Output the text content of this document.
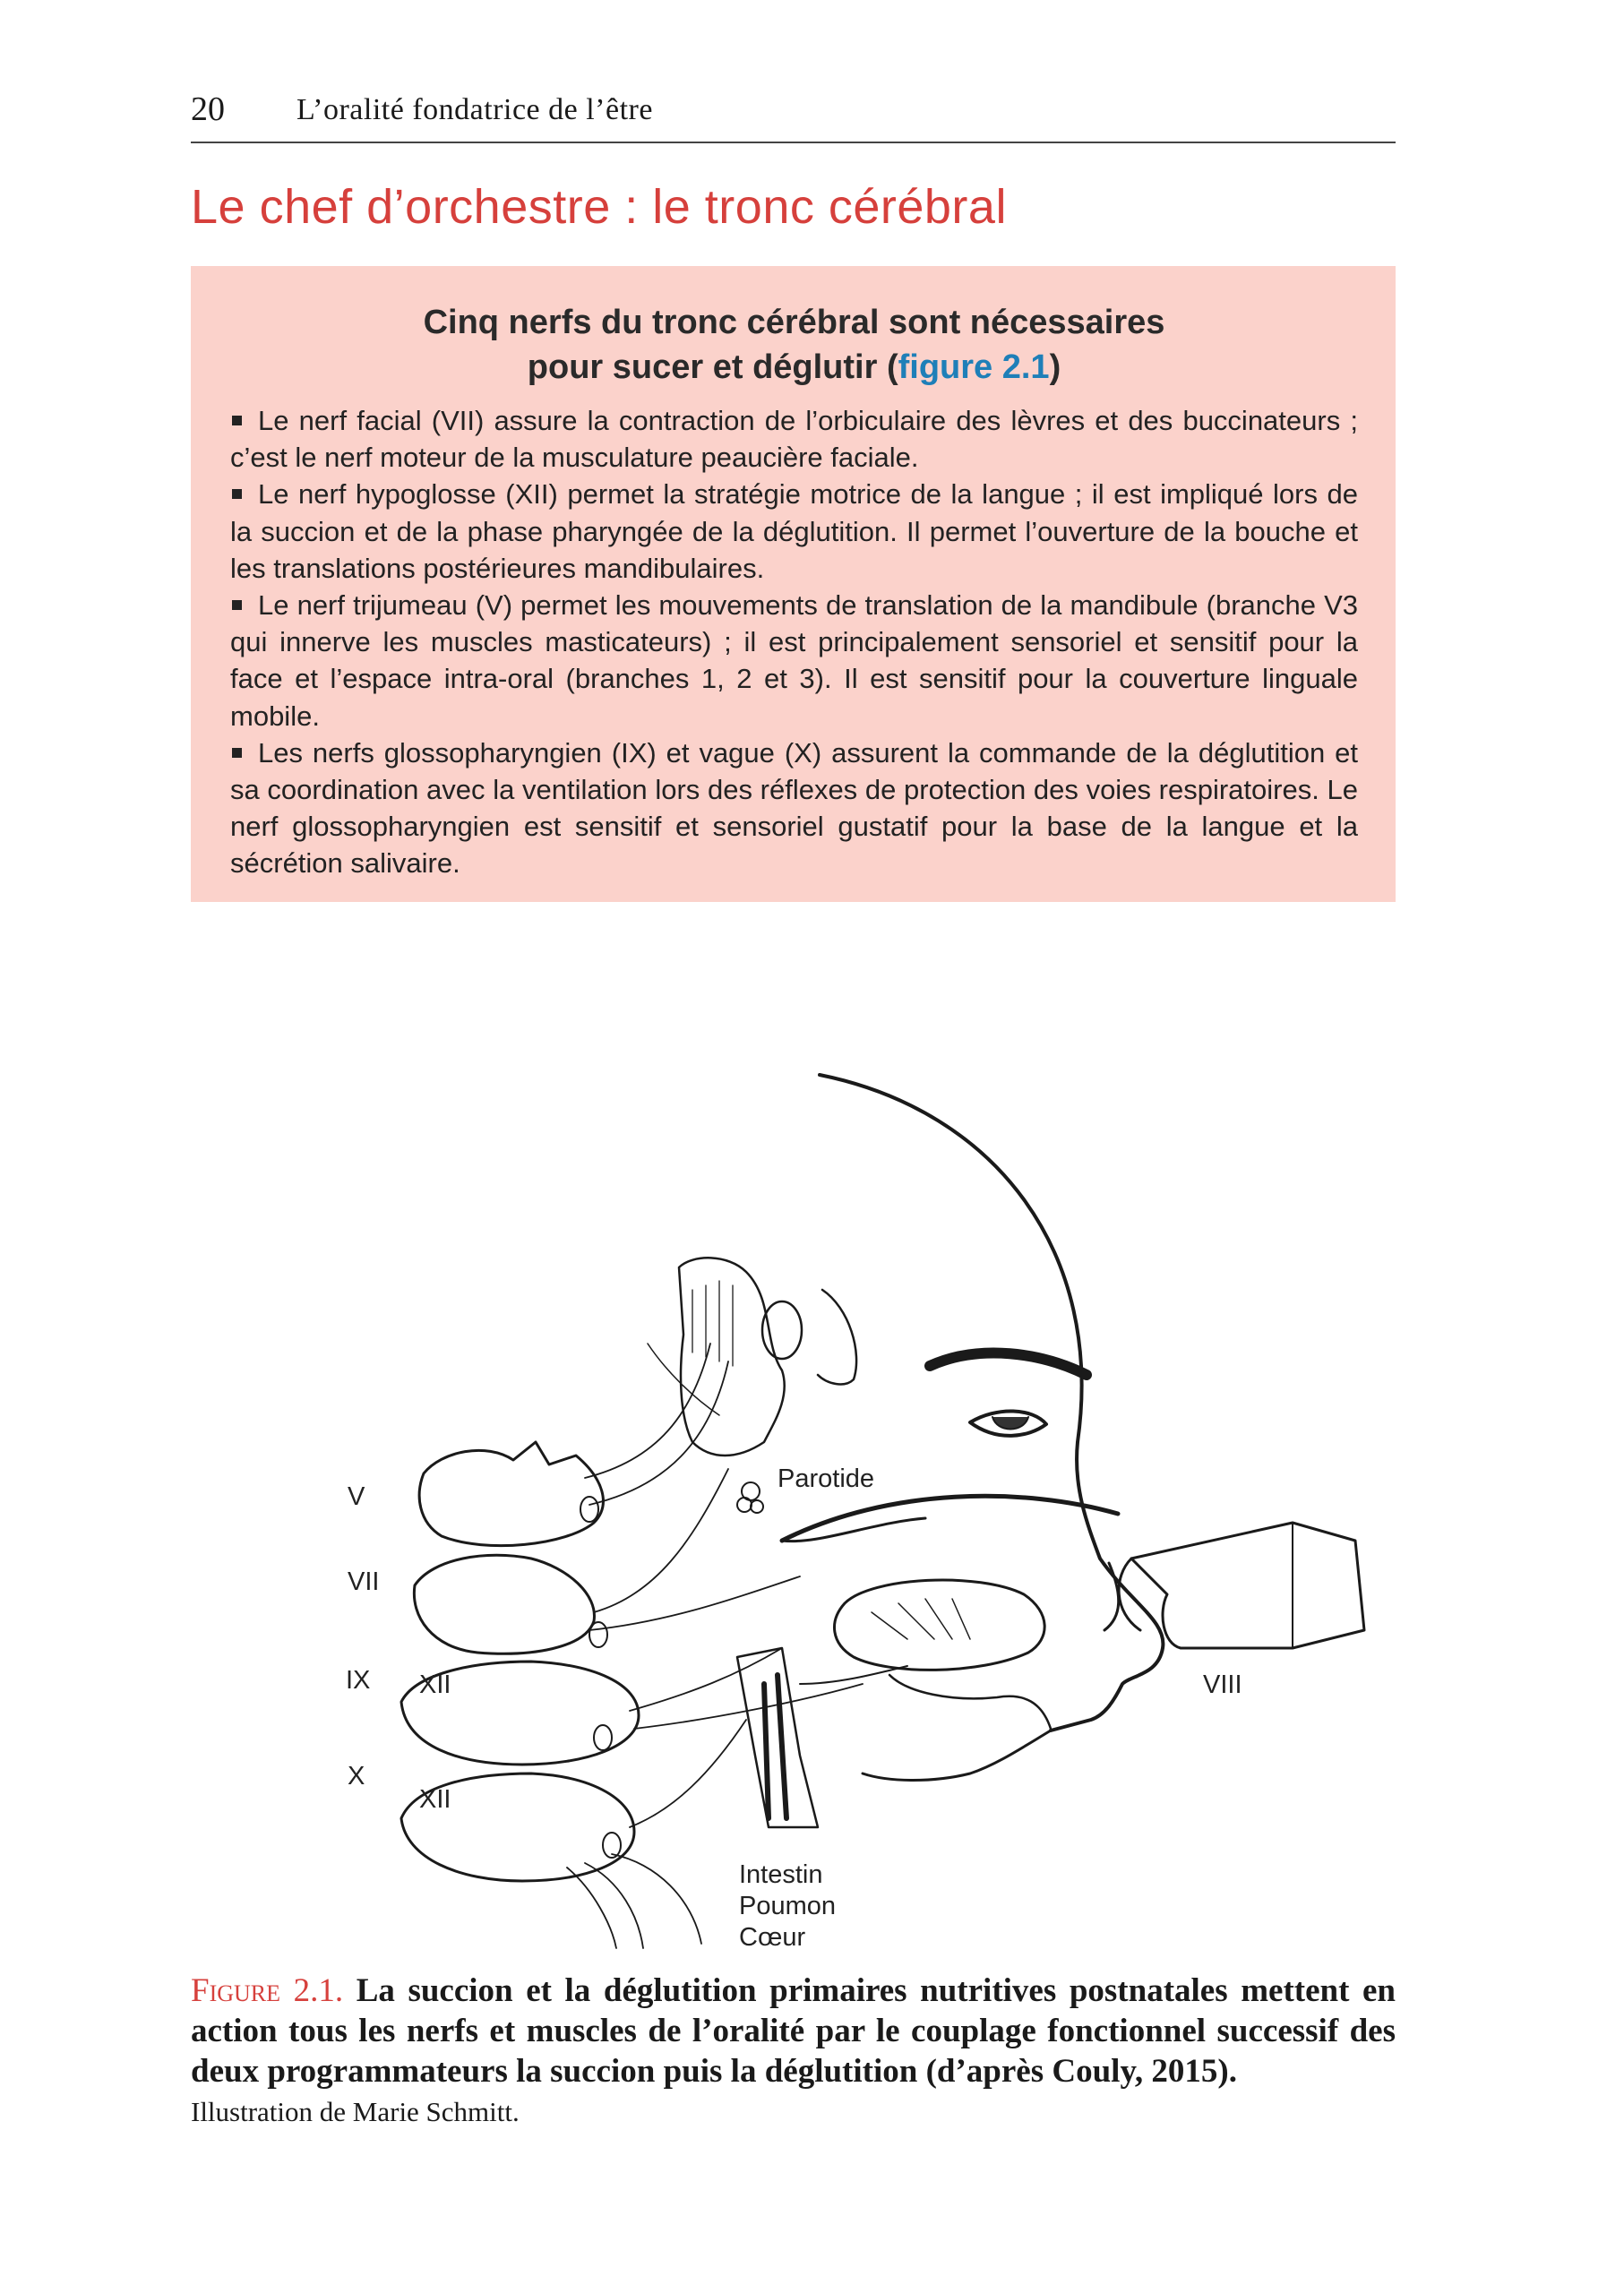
20 L’oralité fondatrice de l’être
Le chef d’orchestre : le tronc cérébral
Cinq nerfs du tronc cérébral sont nécessaires
pour sucer et déglutir (figure 2.1)

Le nerf facial (VII) assure la contraction de l’orbiculaire des lèvres et des buccinateurs ; c’est le nerf moteur de la musculature peaucière faciale.

Le nerf hypoglosse (XII) permet la stratégie motrice de la langue ; il est impliqué lors de la succion et de la phase pharyngée de la déglutition. Il permet l’ouverture de la bouche et les translations postérieures mandibulaires.

Le nerf trijumeau (V) permet les mouvements de translation de la mandibule (branche V3 qui innerve les muscles masticateurs) ; il est principalement sensoriel et sensitif pour la face et l’espace intra-oral (branches 1, 2 et 3). Il est sensitif pour la couverture linguale mobile.

Les nerfs glossopharyngien (IX) et vague (X) assurent la commande de la déglutition et sa coordination avec la ventilation lors des réflexes de protection des voies respiratoires. Le nerf glossopharyngien est sensitif et sensoriel gustatif pour la base de la langue et la sécrétion salivaire.

V
VII
IX
X
XII
XII
VIII
Parotide
Intestin
Poumon
Cœur

Figure 2.1. La succion et la déglutition primaires nutritives postnatales mettent en action tous les nerfs et muscles de l’oralité par le couplage fonctionnel successif des deux programmateurs la succion puis la déglutition (d’après Couly, 2015).

Illustration de Marie Schmitt.
